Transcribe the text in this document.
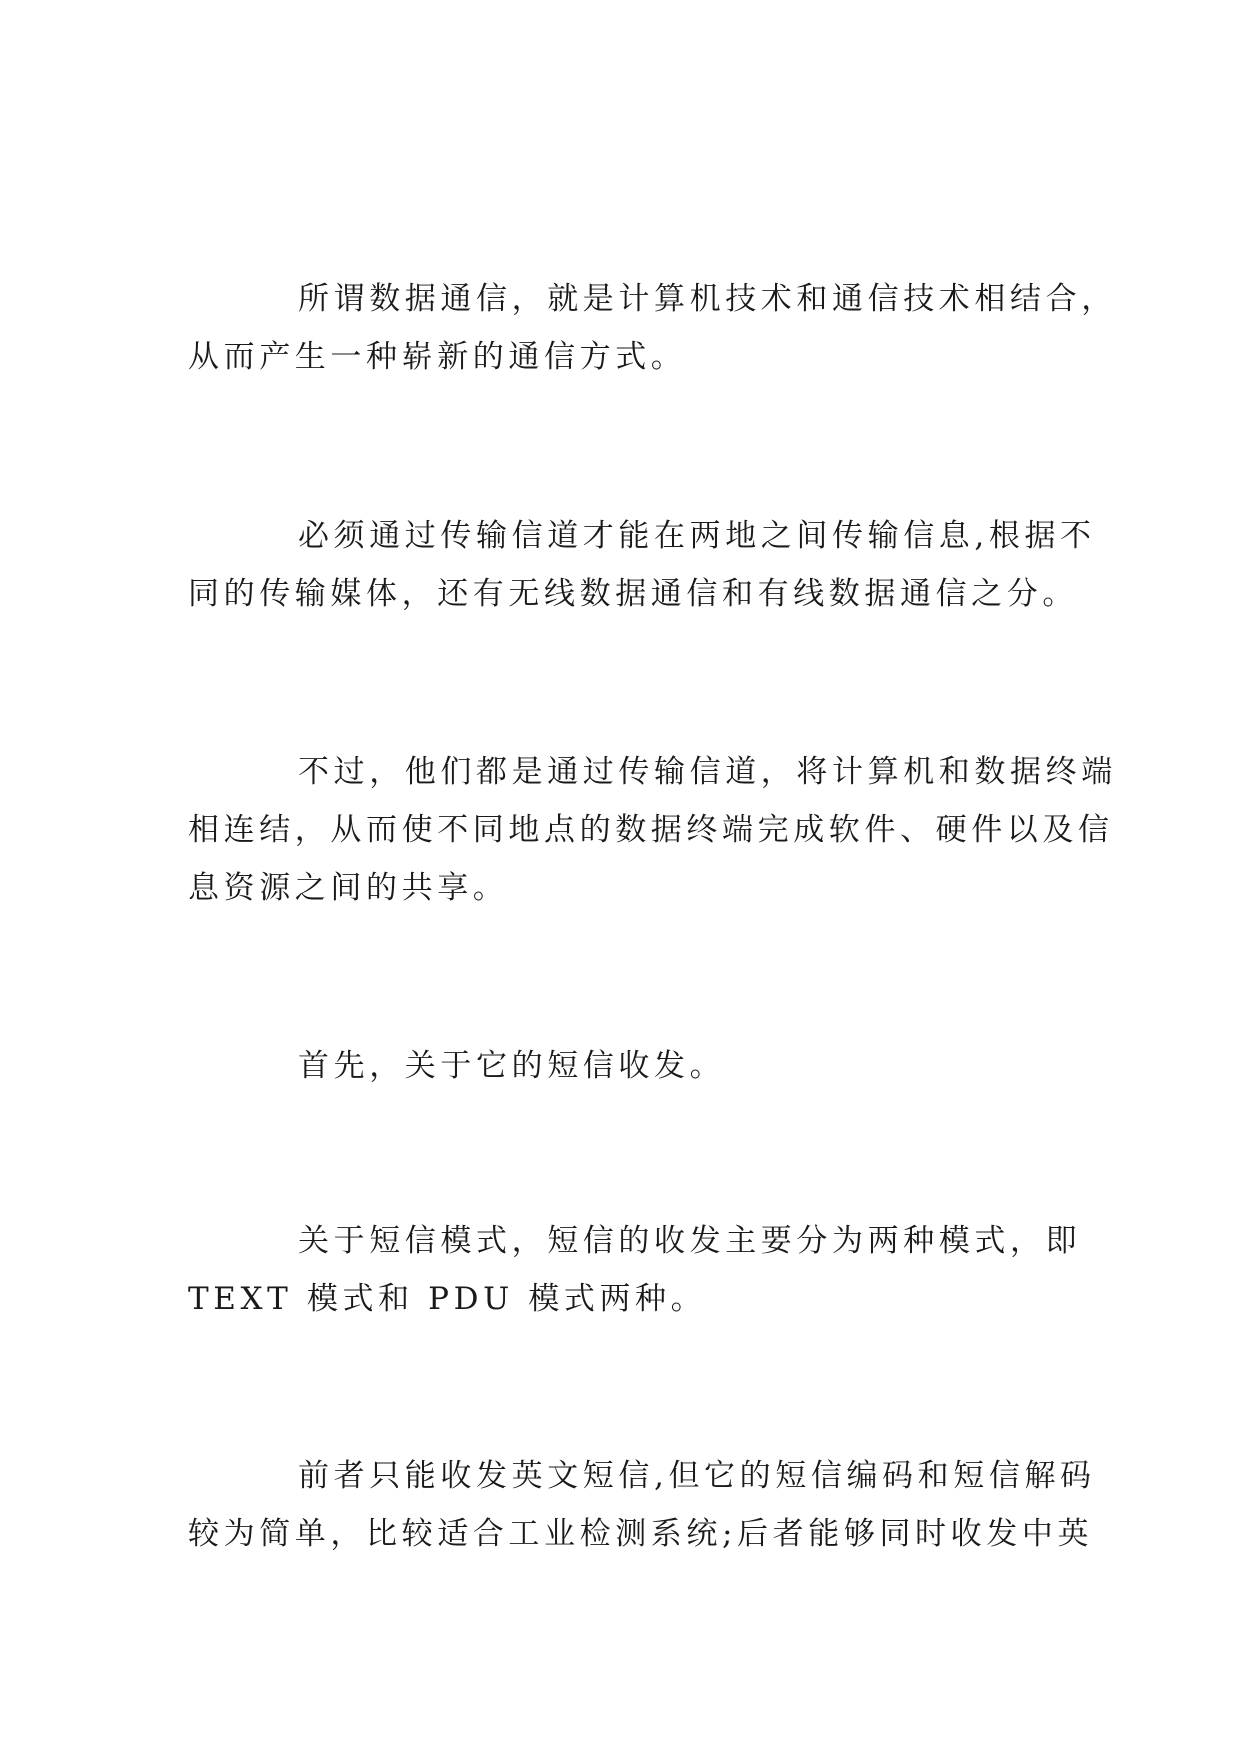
所谓数据通信，就是计算机技术和通信技术相结合，
从而产生一种崭新的通信方式。
必须通过传输信道才能在两地之间传输信息,根据不
同的传输媒体，还有无线数据通信和有线数据通信之分。
不过，他们都是通过传输信道，将计算机和数据终端
相连结，从而使不同地点的数据终端完成软件、硬件以及信
息资源之间的共享。
首先，关于它的短信收发。
关于短信模式，短信的收发主要分为两种模式，即
TEXT 模式和 PDU 模式两种。
前者只能收发英文短信,但它的短信编码和短信解码
较为简单，比较适合工业检测系统;后者能够同时收发中英
